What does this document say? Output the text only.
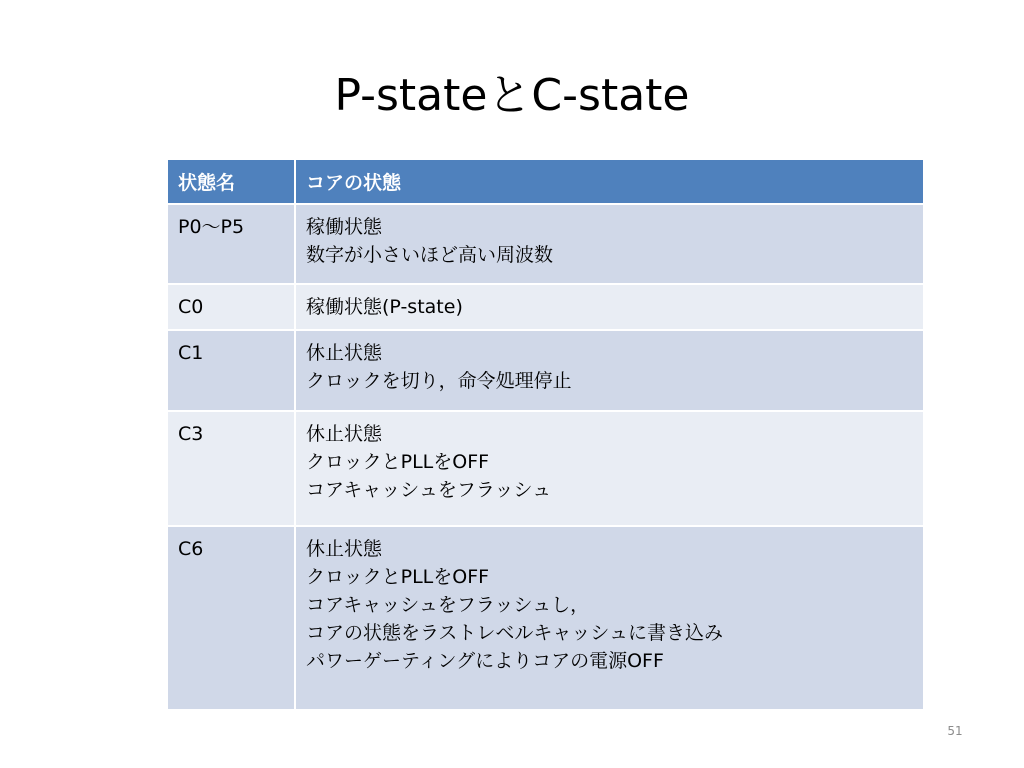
P-stateとC-state
状態名	コアの状態
P0〜P5	稼働状態
数字が小さいほど高い周波数

C0	稼働状態(P-state)

C1	休止状態
クロックを切り，命令処理停止

C3	休止状態
クロックとPLLをOFF
コアキャッシュをフラッシュ

C6	休止状態
クロックとPLLをOFF
コアキャッシュをフラッシュし，
コアの状態をラストレベルキャッシュに書き込み
パワーゲーティングによりコアの電源OFF
51
